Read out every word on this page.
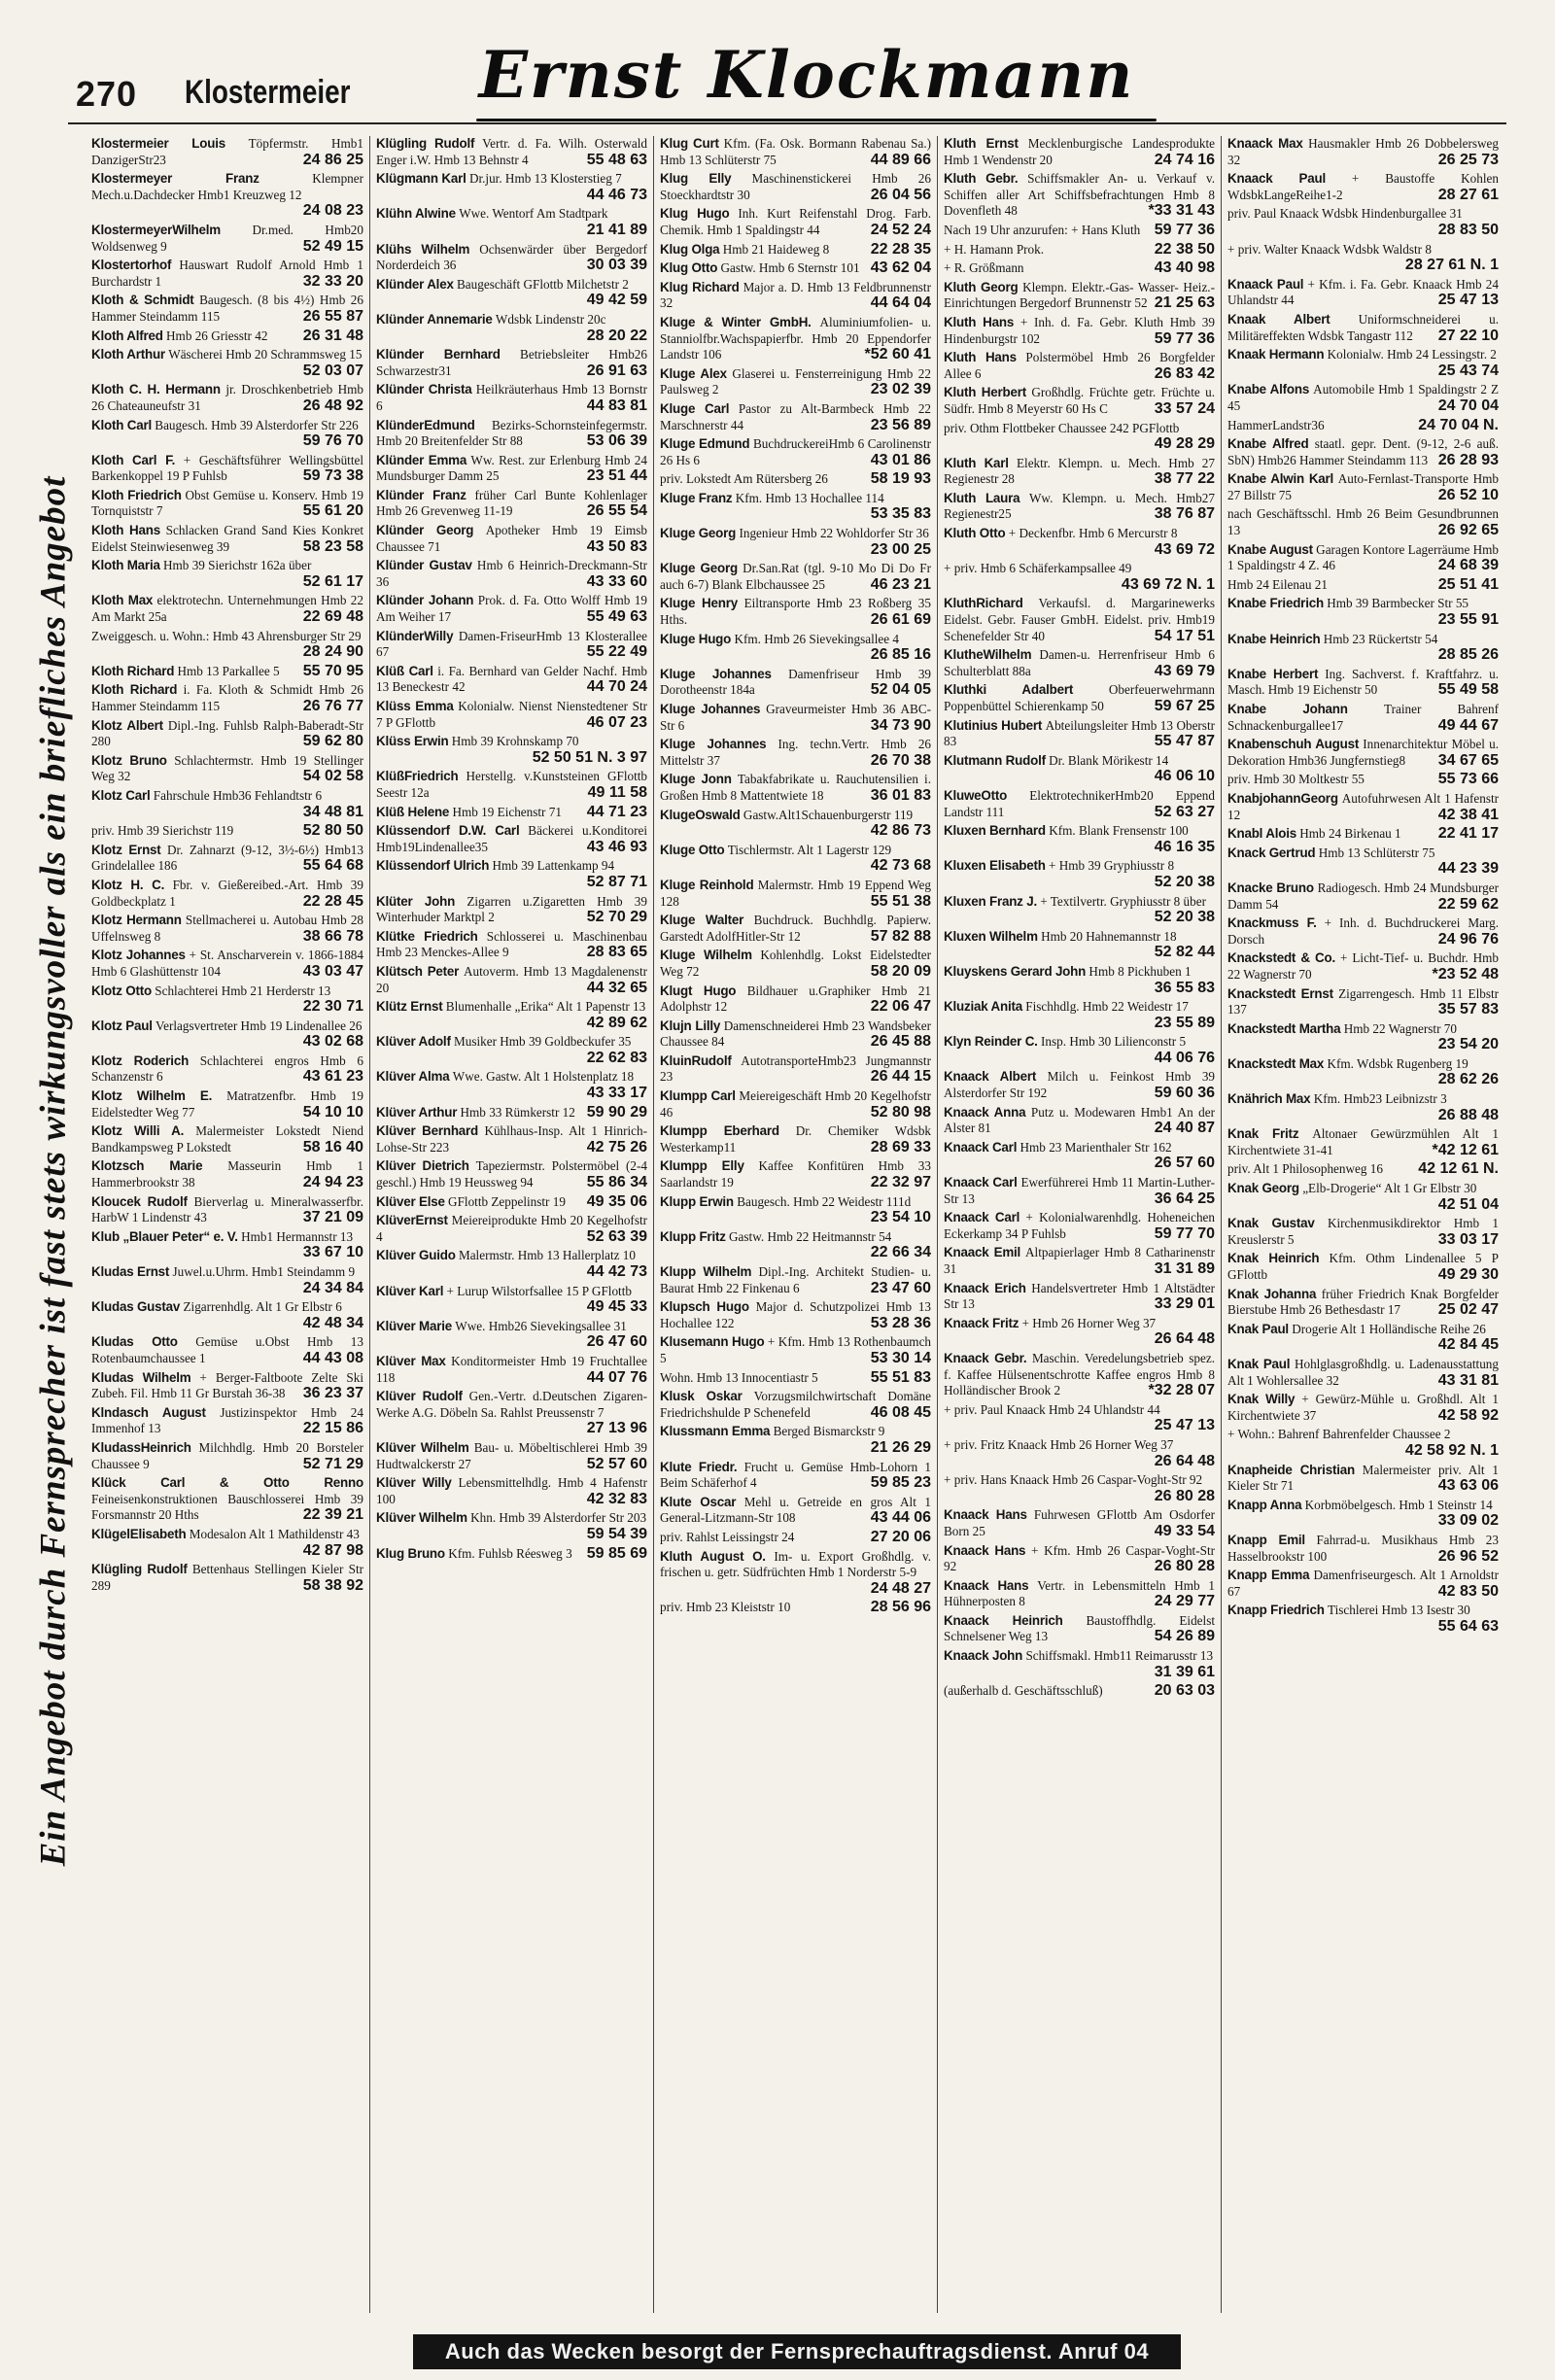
270 Klostermeier	Ernst Klockmann
Ein Angebot durch Fernsprecher ist fast stets wirkungsvoller als ein briefliches Angebot
Klostermeier Louis Töpfermstr. Hmb1 DanzigerStr23	24 86 25
Klostermeyer Franz	Klempner Mech.u.Dachdecker Hmb1 Kreuzweg 12
24 08 23
KlostermeyerWilhelm Dr.med. Hmb20 Woldsenweg 9	52 49 15
Klostertorhof Hauswart Rudolf Arnold Hmb 1 Burchardstr 1	32 33 20
Kloth & Schmidt Baugesch. (8 bis 4½) Hmb 26 Hammer Steindamm 115	26 55 87
Kloth Alfred Hmb 26 Griesstr 42 26 31 48
Kloth Arthur Wäscherei Hmb 20 Schrammsweg 15
52 03 07
Kloth C. H. Hermann jr. Droschkenbetrieb Hmb 26 Chateauneufstr 31	26 48 92
Kloth Carl Baugesch. Hmb 39 Alsterdorfer Str 226
59 76 70
Kloth Carl F. + Geschäftsführer Wellingsbüttel Barkenkoppel 19 P Fuhlsb	59 73 38
Kloth Friedrich Obst Gemüse u. Konserv. Hmb 19 Tornquiststr 7	55 61 20
Kloth Hans Schlacken Grand Sand Kies Konkret Eidelst Steinwiesenweg 39	58 23 58
Kloth Maria Hmb 39 Sierichstr 162a über
52 61 17
Kloth Max elektrotechn. Unternehmungen Hmb 22 Am Markt 25a	22 69 48
Zweiggesch. u. Wohn.: Hmb 43 Ahrensburger Str 29
28 24 90
Kloth Richard Hmb 13 Parkallee 5 55 70 95
Kloth Richard i. Fa. Kloth & Schmidt Hmb 26 Hammer Steindamm 115	26 76 77
Klotz Albert Dipl.-Ing. Fuhlsb Ralph-Baberadt-Str 280	59 62 80
Klotz Bruno Schlachtermstr. Hmb 19 Stellinger Weg 32	54 02 58
Klotz Carl Fahrschule Hmb36 Fehlandtstr 6
34 48 81
priv. Hmb 39 Sierichstr 119	52 80 50
Klotz Ernst Dr. Zahnarzt (9-12, 3½-6½) Hmb13 Grindelallee 186	55 64 68
Klotz H. C. Fbr. v. Gießereibed.-Art. Hmb 39 Goldbeckplatz 1	22 28 45
Klotz Hermann Stellmacherei u. Autobau Hmb 28 Uffelnsweg 8	38 66 78
Klotz Johannes + St. Anscharverein v. 1866-1884 Hmb 6 Glashüttenstr 104	43 03 47
Klotz Otto Schlachterei Hmb 21 Herderstr 13
22 30 71
Klotz Paul Verlagsvertreter Hmb 19 Lindenallee 26
43 02 68
Klotz Roderich Schlachterei engros Hmb 6 Schanzenstr 6	43 61 23
Klotz Wilhelm E. Matratzenfbr. Hmb 19 Eidelstedter Weg 77	54 10 10
Klotz Willi A. Malermeister Lokstedt Niend Bandkampsweg P Lokstedt	58 16 40
Klotzsch Marie Masseurin Hmb 1 Hammerbrookstr 38	24 94 23
Kloucek Rudolf Bierverlag u. Mineralwasserfbr. HarbW 1 Lindenstr 43	37 21 09
Klub „Blauer Peter“ e. V. Hmb1 Hermannstr 13
33 67 10
Kludas Ernst Juwel.u.Uhrm. Hmb1 Steindamm 9
24 34 84
Kludas Gustav Zigarrenhdlg. Alt 1 Gr Elbstr 6
42 48 34
Kludas Otto Gemüse u.Obst Hmb 13 Rotenbaumchaussee 1	44 43 08
Kludas Wilhelm + Berger-Faltboote Zelte Ski Zubeh. Fil. Hmb 11 Gr Burstah 36-38 36 23 37
Klndasch August Justizinspektor Hmb 24 Immenhof 13	22 15 86
KludassHeinrich Milchhdlg. Hmb 20 Borsteler Chaussee 9	52 71 29
Klück Carl & Otto Renno Feineisenkonstruktionen Bauschlosserei Hmb 39 Forsmannstr 20 Hths	22 39 21
KlügelElisabeth Modesalon Alt 1 Mathildenstr 43
42 87 98
Klügling Rudolf Bettenhaus Stellingen Kieler Str 289	58 38 92
Klügling Rudolf Vertr. d. Fa. Wilh. Osterwald Enger i.W. Hmb 13 Behnstr 4	55 48 63
Klügmann Karl Dr.jur. Hmb 13 Klosterstieg 7
44 46 73
Klühn Alwine Wwe. Wentorf Am Stadtpark
21 41 89
Klühs Wilhelm Ochsenwärder über Bergedorf Norderdeich 36	30 03 39
Klünder Alex Baugeschäft GFlottb Milchetstr 2
49 42 59
Klünder Annemarie Wdsbk Lindenstr 20c
28 20 22
Klünder Bernhard Betriebsleiter Hmb26 Schwarzestr31	26 91 63
Klünder Christa Heilkräuterhaus Hmb 13 Bornstr 6	44 83 81
KlünderEdmund Bezirks-Schornsteinfegermstr. Hmb 20 Breitenfelder Str 88	53 06 39
Klünder Emma Ww. Rest. zur Erlenburg Hmb 24 Mundsburger Damm 25	23 51 44
Klünder Franz früher Carl Bunte Kohlenlager Hmb 26 Grevenweg 11-19	26 55 54
Klünder Georg Apotheker Hmb 19 Eimsb Chaussee 71	43 50 83
Klünder Gustav Hmb 6 Heinrich-Dreckmann-Str 36	43 33 60
Klünder Johann Prok. d. Fa. Otto Wolff Hmb 19 Am Weiher 17	55 49 63
KlünderWilly Damen-FriseurHmb 13 Klosterallee 67	55 22 49
Klüß Carl i. Fa. Bernhard van Gelder Nachf. Hmb 13 Beneckestr 42	44 70 24
Klüss Emma Kolonialw. Nienst Nienstedtener Str 7 P GFlottb	46 07 23
Klüss Erwin Hmb 39 Krohnskamp 70
52 50 51 N. 3 97
KlüßFriedrich Herstellg. v.Kunststeinen GFlottb Seestr 12a	49 11 58
Klüß Helene Hmb 19 Eichenstr 71 44 71 23
Klüssendorf D.W. Carl Bäckerei u.Konditorei Hmb19Lindenallee35	43 46 93
Klüssendorf Ulrich Hmb 39 Lattenkamp 94
52 87 71
Klüter John Zigarren u.Zigaretten Hmb 39 Winterhuder Marktpl 2	52 70 29
Klütke Friedrich Schlosserei u. Maschinenbau Hmb 23 Menckes-Allee 9	28 83 65
Klütsch Peter Autoverm. Hmb 13 Magdalenenstr 20	44 32 65
Klütz Ernst Blumenhalle „Erika“ Alt 1 Papenstr 13
42 89 62
Klüver Adolf Musiker Hmb 39 Goldbeckufer 35
22 62 83
Klüver Alma Wwe. Gastw. Alt 1 Holstenplatz 18
43 33 17
Klüver Arthur Hmb 33 Rümkerstr 12 59 90 29
Klüver Bernhard Kühlhaus-Insp. Alt 1 Hinrich-Lohse-Str 223	42 75 26
Klüver Dietrich Tapeziermstr. Polstermöbel (2-4 geschl.) Hmb 19 Heussweg 94	55 86 34
Klüver Else GFlottb Zeppelinstr 19 49 35 06
KlüverErnst Meiereiprodukte Hmb 20 Kegelhofstr 4	52 63 39
Klüver Guido Malermstr. Hmb 13 Hallerplatz 10
44 42 73
Klüver Karl + Lurup Wilstorfsallee 15 P GFlottb
49 45 33
Klüver Marie Wwe. Hmb26 Sievekingsallee 31
26 47 60
Klüver Max Konditormeister Hmb 19 Fruchtallee 118	44 07 76
Klüver Rudolf Gen.-Vertr. d.Deutschen Zigaren-Werke A.G. Döbeln Sa. Rahlst Preussenstr 7
27 13 96
Klüver Wilhelm Bau- u. Möbeltischlerei Hmb 39 Hudtwalckerstr 27	52 57 60
Klüver Willy Lebensmittelhdlg. Hmb 4 Hafenstr 100	42 32 83
Klüver Wilhelm Khn. Hmb 39 Alsterdorfer Str 203
59 54 39
Klug Bruno Kfm. Fuhlsb Réesweg 3 59 85 69
Klug Curt Kfm. (Fa. Osk. Bormann Rabenau Sa.) Hmb 13 Schlüterstr 75	44 89 66
Klug Elly Maschinenstickerei Hmb 26 Stoeckhardtstr 30	26 04 56
Klug Hugo Inh. Kurt Reifenstahl Drog. Farb. Chemik. Hmb 1 Spaldingstr 44	24 52 24
Klug Olga Hmb 21 Haideweg 8	22 28 35
Klug Otto Gastw. Hmb 6 Sternstr 101 43 62 04
Klug Richard Major a. D. Hmb 13 Feldbrunnenstr 32	44 64 04
Kluge & Winter GmbH. Aluminiumfolien- u. Stanniolfbr.Wachspapierfbr. Hmb 20 Eppendorfer Landstr 106	*52 60 41
Kluge Alex Glaserei u. Fensterreinigung Hmb 22 Paulsweg 2	23 02 39
Kluge Carl Pastor zu Alt-Barmbeck Hmb 22 Marschnerstr 44	23 56 89
Kluge Edmund BuchdruckereiHmb 6 Carolinenstr 26 Hs 6	43 01 86
priv. Lokstedt Am Rütersberg 26	58 19 93
Kluge Franz Kfm. Hmb 13 Hochallee 114
53 35 83
Kluge Georg Ingenieur Hmb 22 Wohldorfer Str 36
23 00 25
Kluge Georg Dr.San.Rat (tgl. 9-10 Mo Di Do Fr auch 6-7) Blank Elbchaussee 25	46 23 21
Kluge Henry Eiltransporte Hmb 23 Roßberg 35 Hths.	26 61 69
Kluge Hugo Kfm. Hmb 26 Sievekingsallee 4
26 85 16
Kluge Johannes Damenfriseur Hmb 39 Dorotheenstr 184a	52 04 05
Kluge Johannes Graveurmeister Hmb 36 ABC-Str 6	34 73 90
Kluge Johannes Ing. techn.Vertr. Hmb 26 Mittelstr 37	26 70 38
Kluge Jonn Tabakfabrikate u. Rauchutensilien i. Großen Hmb 8 Mattentwiete 18	36 01 83
KlugeOswald Gastw.Alt1Schauenburgerstr 119
42 86 73
Kluge Otto Tischlermstr. Alt 1 Lagerstr 129
42 73 68
Kluge Reinhold Malermstr. Hmb 19 Eppend Weg 128	55 51 38
Kluge Walter Buchdruck. Buchhdlg. Papierw. Garstedt AdolfHitler-Str 12	57 82 88
Kluge Wilhelm Kohlenhdlg. Lokst Eidelstedter Weg 72	58 20 09
Klugt Hugo Bildhauer u.Graphiker Hmb 21 Adolphstr 12	22 06 47
Klujn Lilly Damenschneiderei Hmb 23 Wandsbeker Chaussee 84	26 45 88
KluinRudolf AutotransporteHmb23 Jungmannstr 23	26 44 15
Klumpp Carl Meiereigeschäft Hmb 20 Kegelhofstr 46	52 80 98
Klumpp Eberhard Dr. Chemiker Wdsbk Westerkamp11	28 69 33
Klumpp Elly Kaffee Konfitüren Hmb 33 Saarlandstr 19	22 32 97
Klupp Erwin Baugesch. Hmb 22 Weidestr 111d
23 54 10
Klupp Fritz Gastw. Hmb 22 Heitmannstr 54
22 66 34
Klupp Wilhelm Dipl.-Ing. Architekt Studien- u. Baurat Hmb 22 Finkenau 6	23 47 60
Klupsch Hugo Major d. Schutzpolizei Hmb 13 Hochallee 122	53 28 36
Klusemann Hugo + Kfm. Hmb 13 Rothenbaumch 5	53 30 14
Wohn. Hmb 13 Innocentiastr 5	55 51 83
Klusk Oskar Vorzugsmilchwirtschaft Domäne Friedrichshulde P Schenefeld	46 08 45
Klussmann Emma Berged Bismarckstr 9
21 26 29
Klute Friedr. Frucht u. Gemüse Hmb-Lohorn 1 Beim Schäferhof 4	59 85 23
Klute Oscar Mehl u. Getreide en gros Alt 1 General-Litzmann-Str 108	43 44 06
priv. Rahlst Leissingstr 24	27 20 06
Kluth August O. Im- u. Export Großhdlg. v. frischen u. getr. Südfrüchten Hmb 1 Norderstr 5-9
24 48 27
priv. Hmb 23 Kleiststr 10	28 56 96
Kluth Ernst Mecklenburgische Landesprodukte Hmb 1 Wendenstr 20	24 74 16
Kluth Gebr. Schiffsmakler An- u. Verkauf v. Schiffen aller Art Schiffsbefrachtungen Hmb 8 Dovenfleth 48	*33 31 43
Nach 19 Uhr anzurufen: + Hans Kluth 59 77 36
+ H. Hamann Prok.	22 38 50
+ R. Größmann	43 40 98
Kluth Georg Klempn. Elektr.-Gas- Wasser- Heiz.-Einrichtungen Bergedorf Brunnenstr 52 21 25 63
Kluth Hans + Inh. d. Fa. Gebr. Kluth Hmb 39 Hindenburgstr 102	59 77 36
Kluth Hans Polstermöbel Hmb 26 Borgfelder Allee 6	26 83 42
Kluth Herbert Großhdlg. Früchte getr. Früchte u. Südfr. Hmb 8 Meyerstr 60 Hs C	33 57 24
priv. Othm Flottbeker Chaussee 242 PGFlottb
49 28 29
Kluth Karl Elektr. Klempn. u. Mech. Hmb 27 Regienestr 28	38 77 22
Kluth Laura Ww. Klempn. u. Mech. Hmb27 Regienestr25	38 76 87
Kluth Otto + Deckenfbr. Hmb 6 Mercurstr 8
43 69 72
+ priv. Hmb 6 Schäferkampsallee 49
43 69 72 N. 1
KluthRichard Verkaufsl. d. Margarinewerks Eidelst. Gebr. Fauser GmbH. Eidelst. priv. Hmb19 Schenefelder Str 40	54 17 51
KlutheWilhelm Damen-u. Herrenfriseur Hmb 6 Schulterblatt 88a	43 69 79
Kluthki Adalbert	Oberfeuerwehrmann Poppenbüttel Schierenkamp 50	59 67 25
Klutinius Hubert Abteilungsleiter Hmb 13 Oberstr 83	55 47 87
Klutmann Rudolf Dr. Blank Mörikestr 14
46 06 10
KluweOtto ElektrotechnikerHmb20 Eppend Landstr 111	52 63 27
Kluxen Bernhard Kfm. Blank Frensenstr 100
46 16 35
Kluxen Elisabeth + Hmb 39 Gryphiusstr 8
52 20 38
Kluxen Franz J. + Textilvertr. Gryphiusstr 8 über
52 20 38
Kluxen Wilhelm Hmb 20 Hahnemannstr 18
52 82 44
Kluyskens Gerard John Hmb 8 Pickhuben 1
36 55 83
Kluziak Anita Fischhdlg. Hmb 22 Weidestr 17
23 55 89
Klyn Reinder C. Insp. Hmb 30 Lilienconstr 5
44 06 76
Knaack Albert Milch u. Feinkost Hmb 39 Alsterdorfer Str 192	59 60 36
Knaack Anna Putz u. Modewaren Hmb1 An der Alster 81	24 40 87
Knaack Carl Hmb 23 Marienthaler Str 162
26 57 60
Knaack Carl Ewerführerei Hmb 11 Martin-Luther-Str 13	36 64 25
Knaack Carl + Kolonialwarenhdlg. Hoheneichen Eckerkamp 34 P Fuhlsb	59 77 70
Knaack Emil Altpapierlager Hmb 8 Catharinenstr 31	31 31 89
Knaack Erich Handelsvertreter Hmb 1 Altstädter Str 13	33 29 01
Knaack Fritz + Hmb 26 Horner Weg 37
26 64 48
Knaack Gebr. Maschin. Veredelungsbetrieb spez. f. Kaffee Hülsenentschrotte Kaffee engros Hmb 8 Holländischer Brook 2	*32 28 07
+ priv. Paul Knaack Hmb 24 Uhlandstr 44
25 47 13
+ priv. Fritz Knaack Hmb 26 Horner Weg 37
26 64 48
+ priv. Hans Knaack Hmb 26 Caspar-Voght-Str 92
26 80 28
Knaack Hans Fuhrwesen GFlottb Am Osdorfer Born 25	49 33 54
Knaack Hans + Kfm. Hmb 26 Caspar-Voght-Str 92	26 80 28
Knaack Hans Vertr. in Lebensmitteln Hmb 1 Hühnerposten 8	24 29 77
Knaack Heinrich Baustoffhdlg. Eidelst Schnelsener Weg 13	54 26 89
Knaack John Schiffsmakl. Hmb11 Reimarusstr 13
31 39 61
(außerhalb d. Geschäftsschluß)	20 63 03
Knaack Max Hausmakler Hmb 26 Dobbelersweg 32	26 25 73
Knaack Paul + Baustoffe Kohlen WdsbkLangeReihe1-2	28 27 61
priv. Paul Knaack Wdsbk Hindenburgallee 31
28 83 50
+ priv. Walter Knaack Wdsbk Waldstr 8
28 27 61 N. 1
Knaack Paul + Kfm. i. Fa. Gebr. Knaack Hmb 24 Uhlandstr 44	25 47 13
Knaak Albert Uniformschneiderei u. Militäreffekten Wdsbk Tangastr 112 27 22 10
Knaak Hermann Kolonialw. Hmb 24 Lessingstr. 2
25 43 74
Knabe Alfons Automobile Hmb 1 Spaldingstr 2 Z 45	24 70 04
HammerLandstr36	24 70 04 N.
Knabe Alfred staatl. gepr. Dent. (9-12, 2-6 auß. SbN) Hmb26 Hammer Steindamm 113 26 28 93
Knabe Alwin Karl Auto-Fernlast-Transporte Hmb 27 Billstr 75	26 52 10
nach Geschäftsschl. Hmb 26 Beim Gesundbrunnen 13	26 92 65
Knabe August Garagen Kontore Lagerräume Hmb 1 Spaldingstr 4 Z. 46	24 68 39
Hmb 24 Eilenau 21	25 51 41
Knabe Friedrich Hmb 39 Barmbecker Str 55
23 55 91
Knabe Heinrich Hmb 23 Rückertstr 54
28 85 26
Knabe Herbert Ing. Sachverst. f. Kraftfahrz. u. Masch. Hmb 19 Eichenstr 50	55 49 58
Knabe Johann	Trainer Bahrenf Schnackenburgallee17	49 44 67
Knabenschuh August Innenarchitektur Möbel u. Dekoration Hmb36 Jungfernstieg8 34 67 65
priv. Hmb 30 Moltkestr 55	55 73 66
KnabjohannGeorg Autofuhrwesen Alt 1 Hafenstr 12	42 38 41
Knabl Alois Hmb 24 Birkenau 1 22 41 17
Knack Gertrud Hmb 13 Schlüterstr 75
44 23 39
Knacke Bruno Radiogesch. Hmb 24 Mundsburger Damm 54	22 59 62
Knackmuss F. + Inh. d. Buchdruckerei Marg. Dorsch	24 96 76
Knackstedt & Co. + Licht-Tief- u. Buchdr. Hmb 22 Wagnerstr 70	*23 52 48
Knackstedt Ernst Zigarrengesch. Hmb 11 Elbstr 137	35 57 83
Knackstedt Martha Hmb 22 Wagnerstr 70
23 54 20
Knackstedt Max Kfm. Wdsbk Rugenberg 19
28 62 26
Knährich Max Kfm. Hmb23 Leibnizstr 3
26 88 48
Knak Fritz Altonaer Gewürzmühlen Alt 1 Kirchentwiete 31-41	*42 12 61
priv. Alt 1 Philosophenweg 16 42 12 61 N.
Knak Georg „Elb-Drogerie“ Alt 1 Gr Elbstr 30
42 51 04
Knak Gustav Kirchenmusikdirektor Hmb 1 Kreuslerstr 5	33 03 17
Knak Heinrich Kfm. Othm Lindenallee 5 P GFlottb	49 29 30
Knak Johanna früher Friedrich Knak Borgfelder Bierstube Hmb 26 Bethesdastr 17 25 02 47
Knak Paul Drogerie Alt 1 Holländische Reihe 26
42 84 45
Knak Paul Hohlglasgroßhdlg. u. Ladenausstattung Alt 1 Wohlersallee 32	43 31 81
Knak Willy + Gewürz-Mühle u. Großhdl. Alt 1 Kirchentwiete 37	42 58 92
+ Wohn.: Bahrenf Bahrenfelder Chaussee 2
42 58 92 N. 1
Knapheide Christian Malermeister priv. Alt 1 Kieler Str 71	43 63 06
Knapp Anna Korbmöbelgesch. Hmb 1 Steinstr 14
33 09 02
Knapp Emil Fahrrad-u. Musikhaus Hmb 23 Hasselbrookstr 100	26 96 52
Knapp Emma Damenfriseurgesch. Alt 1 Arnoldstr 67	42 83 50
Knapp Friedrich Tischlerei Hmb 13 Isestr 30
55 64 63
Auch das Wecken besorgt der Fernsprechauftragsdienst. Anruf 04
